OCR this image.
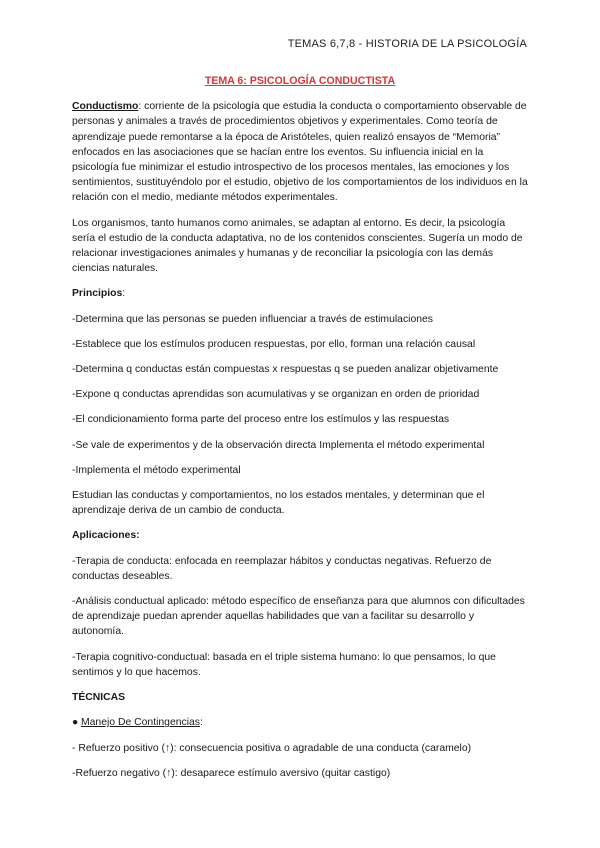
TEMAS 6,7,8 - HISTORIA DE LA PSICOLOGÍA

TEMA 6: PSICOLOGÍA CONDUCTISTA

Conductismo: corriente de la psicología que estudia la conducta o comportamiento observable de personas y animales a través de procedimientos objetivos y experimentales. Como teoría de aprendizaje puede remontarse a la época de Aristóteles, quien realizó ensayos de “Memoria” enfocados en las asociaciones que se hacían entre los eventos. Su influencia inicial en la psicología fue minimizar el estudio introspectivo de los procesos mentales, las emociones y los sentimientos, sustituyéndolo por el estudio, objetivo de los comportamientos de los individuos en la relación con el medio, mediante métodos experimentales.

Los organismos, tanto humanos como animales, se adaptan al entorno. Es decir, la psicología sería el estudio de la conducta adaptativa, no de los contenidos conscientes. Sugería un modo de relacionar investigaciones animales y humanas y de reconciliar la psicología con las demás ciencias naturales.

Principios:

-Determina que las personas se pueden influenciar a través de estimulaciones

-Establece que los estímulos producen respuestas, por ello, forman una relación causal

-Determina q conductas están compuestas x respuestas q se pueden analizar objetivamente

-Expone q conductas aprendidas son acumulativas y se organizan en orden de prioridad

-El condicionamiento forma parte del proceso entre los estímulos y las respuestas

-Se vale de experimentos y de la observación directa Implementa el método experimental

-Implementa el método experimental

Estudian las conductas y comportamientos, no los estados mentales, y determinan que el aprendizaje deriva de un cambio de conducta.

Aplicaciones:

-Terapia de conducta: enfocada en reemplazar hábitos y conductas negativas. Refuerzo de conductas deseables.

-Análisis conductual aplicado: método específico de enseñanza para que alumnos con dificultades de aprendizaje puedan aprender aquellas habilidades que van a facilitar su desarrollo y autonomía.

-Terapia cognitivo-conductual: basada en el triple sistema humano: lo que pensamos, lo que sentimos y lo que hacemos.

TÉCNICAS

● Manejo De Contingencias:

- Refuerzo positivo (↑): consecuencia positiva o agradable de una conducta (caramelo)

-Refuerzo negativo (↑): desaparece estímulo aversivo (quitar castigo)
